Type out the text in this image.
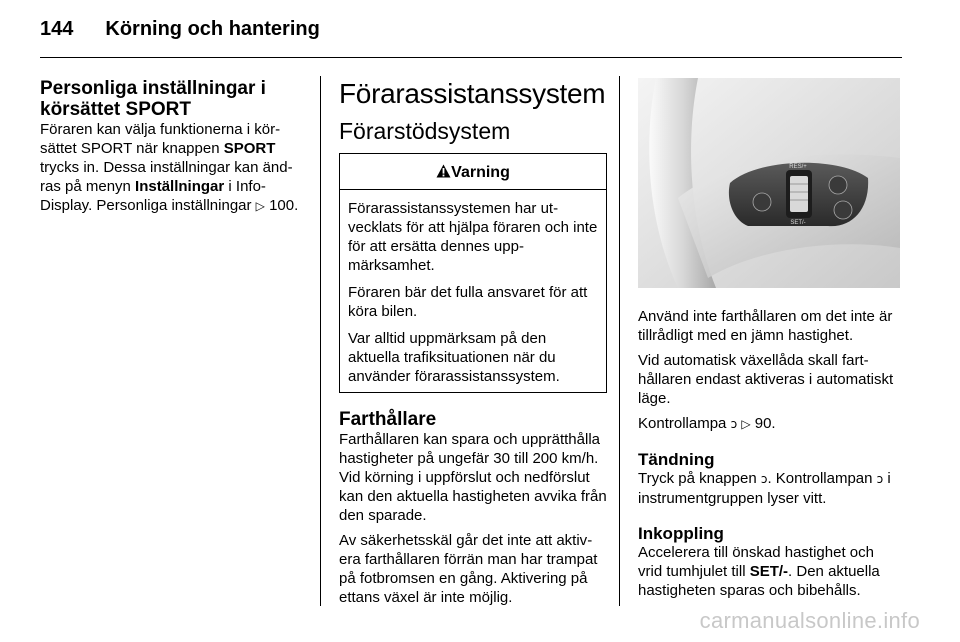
144 Körning och hantering
Personliga inställningar i körsättet SPORT

Föraren kan välja funktionerna i körsättet SPORT när knappen SPORT trycks in. Dessa inställningar kan ändras på menyn Inställningar i Info-Display. Personliga inställningar ▷ 100.

Förarassistanssystem
Förarstödsystem
Varning

Förarassistanssystemen har utvecklats för att hjälpa föraren och inte för att ersätta dennes uppmärksamhet.

Föraren bär det fulla ansvaret för att köra bilen.

Var alltid uppmärksam på den aktuella trafiksituationen när du använder förarassistanssystem.

Farthållare

Farthållaren kan spara och upprätthålla hastigheter på ungefär 30 till 200 km/h. Vid körning i uppförslut och nedförslut kan den aktuella hastigheten avvika från den sparade.

Av säkerhetsskäl går det inte att aktivera farthållaren förrän man har trampat på fotbromsen en gång. Aktivering på ettans växel är inte möjlig.

RES/+
SET/-

Använd inte farthållaren om det inte är tillrådligt med en jämn hastighet.

Vid automatisk växellåda skall farthållaren endast aktiveras i automatiskt läge.

Kontrollampa ↄ ▷ 90.

Tändning

Tryck på knappen ↄ. Kontrollampan ↄ i instrumentgruppen lyser vitt.

Inkoppling

Accelerera till önskad hastighet och vrid tumhjulet till SET/-. Den aktuella hastigheten sparas och bibehålls.

carmanualsonline.info
